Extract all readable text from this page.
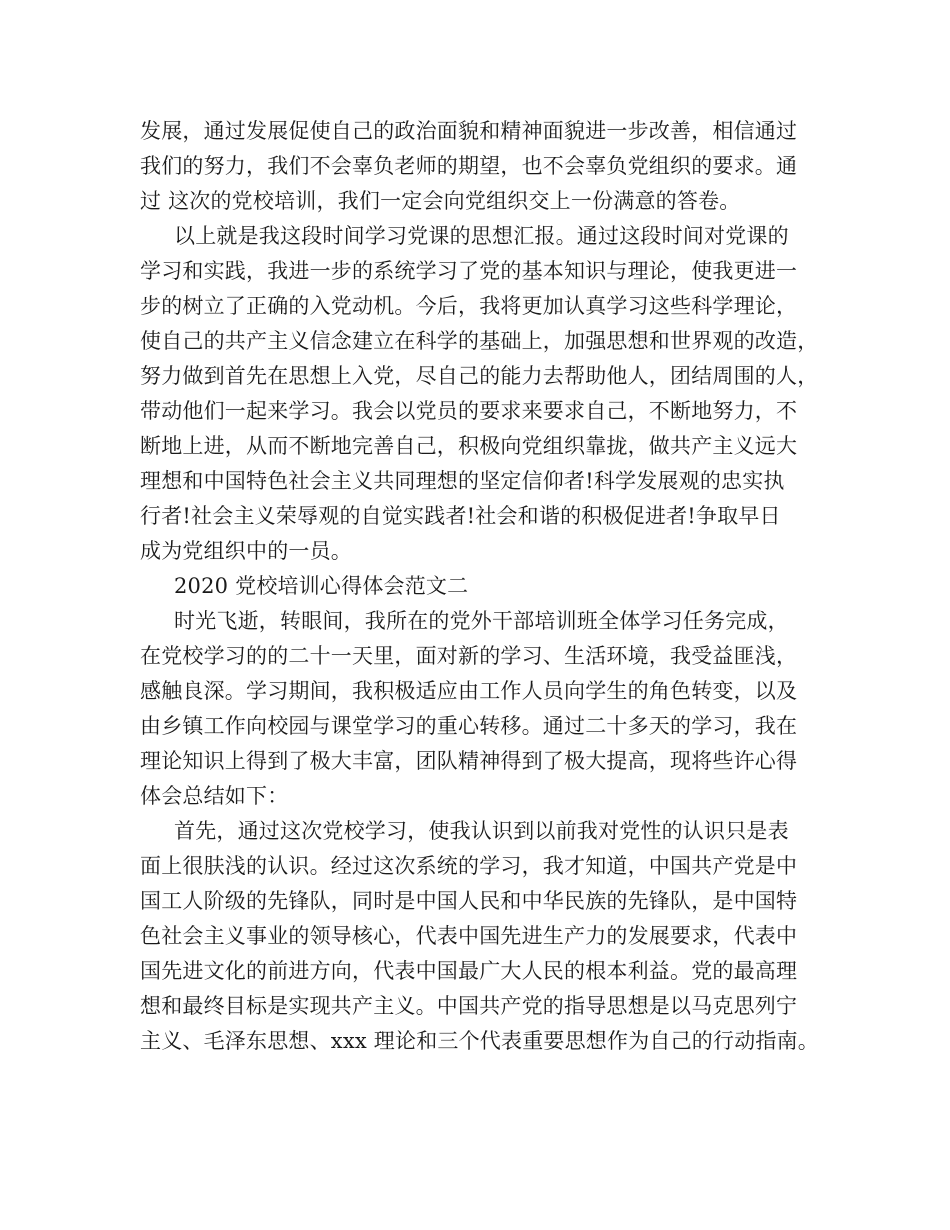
发展，通过发展促使自己的政治面貌和精神面貌进一步改善，相信通过
我们的努力，我们不会辜负老师的期望，也不会辜负党组织的要求。通
过 这次的党校培训，我们一定会向党组织交上一份满意的答卷。
以上就是我这段时间学习党课的思想汇报。通过这段时间对党课的
学习和实践，我进一步的系统学习了党的基本知识与理论，使我更进一
步的树立了正确的入党动机。今后，我将更加认真学习这些科学理论，
使自己的共产主义信念建立在科学的基础上，加强思想和世界观的改造，
努力做到首先在思想上入党，尽自己的能力去帮助他人，团结周围的人，
带动他们一起来学习。我会以党员的要求来要求自己，不断地努力，不
断地上进，从而不断地完善自己，积极向党组织靠拢，做共产主义远大
理想和中国特色社会主义共同理想的坚定信仰者!科学发展观的忠实执
行者!社会主义荣辱观的自觉实践者!社会和谐的积极促进者!争取早日
成为党组织中的一员。
2020 党校培训心得体会范文二
时光飞逝，转眼间，我所在的党外干部培训班全体学习任务完成，
在党校学习的的二十一天里，面对新的学习、生活环境，我受益匪浅，
感触良深。学习期间，我积极适应由工作人员向学生的角色转变，以及
由乡镇工作向校园与课堂学习的重心转移。通过二十多天的学习，我在
理论知识上得到了极大丰富，团队精神得到了极大提高，现将些许心得
体会总结如下：
首先，通过这次党校学习，使我认识到以前我对党性的认识只是表
面上很肤浅的认识。经过这次系统的学习，我才知道，中国共产党是中
国工人阶级的先锋队，同时是中国人民和中华民族的先锋队，是中国特
色社会主义事业的领导核心，代表中国先进生产力的发展要求，代表中
国先进文化的前进方向，代表中国最广大人民的根本利益。党的最高理
想和最终目标是实现共产主义。中国共产党的指导思想是以马克思列宁
主义、毛泽东思想、xxx 理论和三个代表重要思想作为自己的行动指南。
